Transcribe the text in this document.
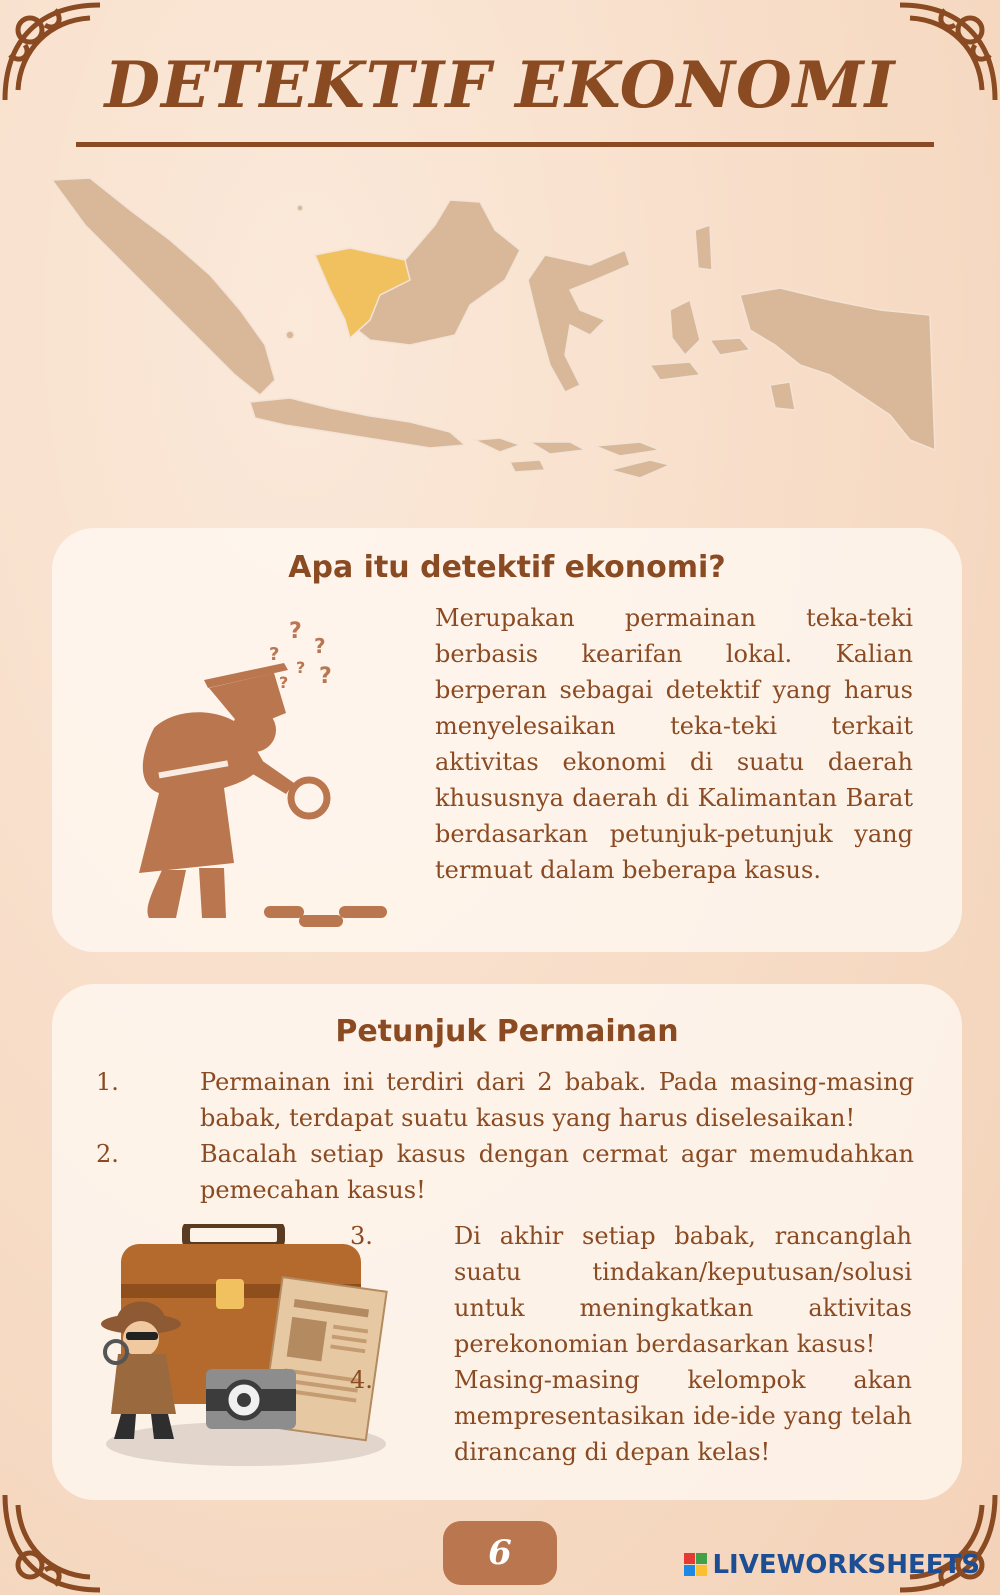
DETEKTIF EKONOMI
Apa itu detektif ekonomi?
?
? ?
? ?
?
Merupakan permainan teka-teki berbasis kearifan lokal. Kalian berperan sebagai detektif yang harus menyelesaikan teka-teki terkait aktivitas ekonomi di suatu daerah khususnya daerah di Kalimantan Barat berdasarkan petunjuk-petunjuk yang termuat dalam beberapa kasus.
Petunjuk Permainan
1.	Permainan ini terdiri dari 2 babak. Pada masing-masing babak, terdapat suatu kasus yang harus diselesaikan!
2.	Bacalah setiap kasus dengan cermat agar memudahkan pemecahan kasus!
3.	Di akhir setiap babak, rancanglah suatu tindakan/keputusan/solusi untuk meningkatkan aktivitas perekonomian berdasarkan kasus!
4.	Masing-masing kelompok akan mempresentasikan ide-ide yang telah dirancang di depan kelas!
6	LIVEWORKSHEETS
